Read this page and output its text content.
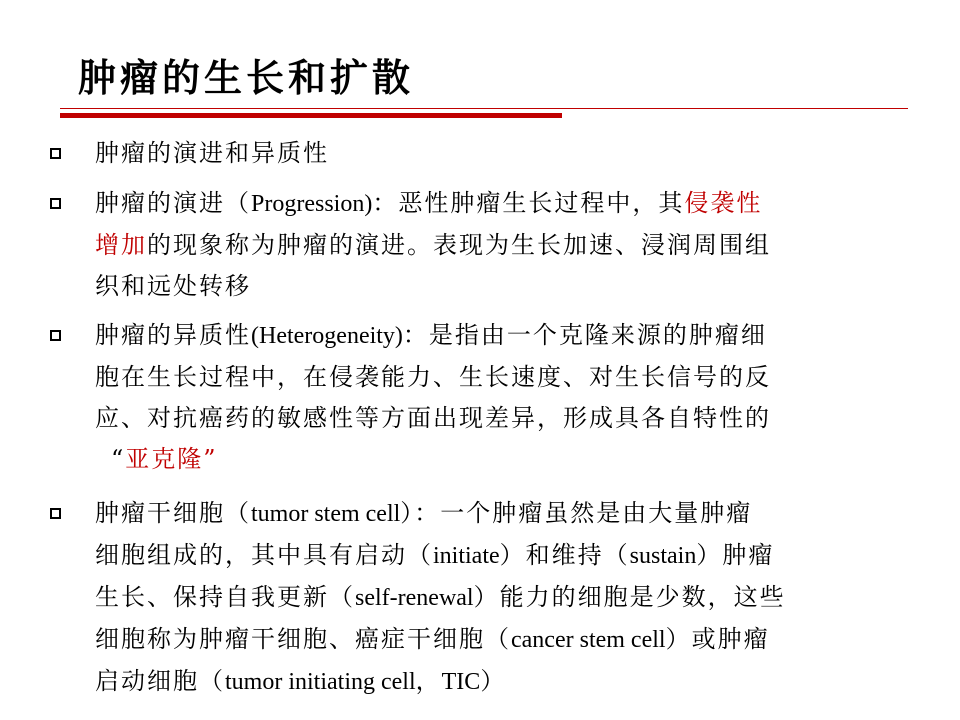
肿瘤的生长和扩散
肿瘤的演进和异质性
肿瘤的演进（Progression)：恶性肿瘤生长过程中，其侵袭性
增加的现象称为肿瘤的演进。表现为生长加速、浸润周围组
织和远处转移
肿瘤的异质性(Heterogeneity)：是指由一个克隆来源的肿瘤细
胞在生长过程中，在侵袭能力、生长速度、对生长信号的反
应、对抗癌药的敏感性等方面出现差异，形成具各自特性的
“亚克隆”
肿瘤干细胞（tumor stem cell）：一个肿瘤虽然是由大量肿瘤
细胞组成的，其中具有启动（initiate）和维持（sustain）肿瘤
生长、保持自我更新（self-renewal）能力的细胞是少数，这些
细胞称为肿瘤干细胞、癌症干细胞（cancer stem cell）或肿瘤
启动细胞（tumor initiating cell，TIC）
